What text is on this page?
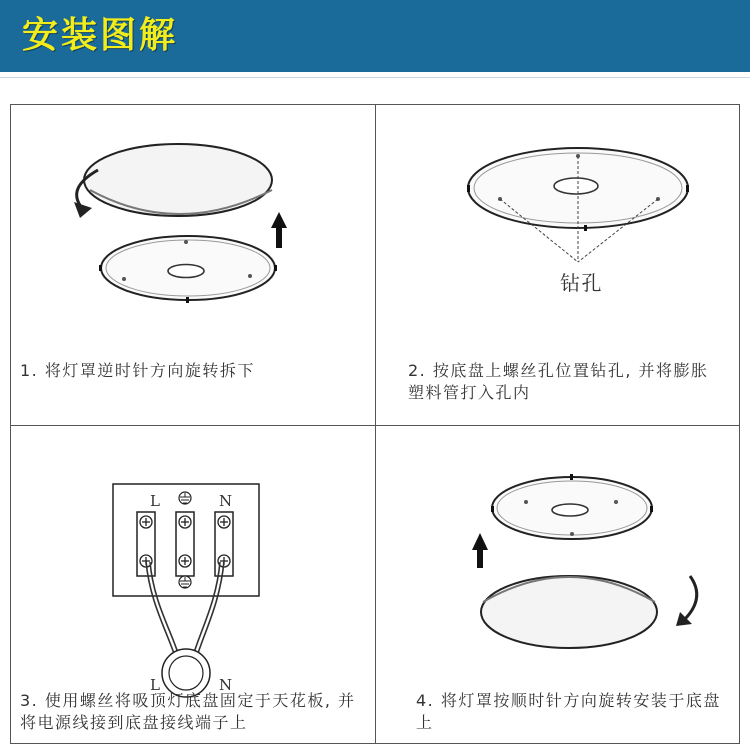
安装图解
1. 将灯罩逆时针方向旋转拆下
钻孔
2. 按底盘上螺丝孔位置钻孔, 并将膨胀塑料管打入孔内
L	N
L	N
3. 使用螺丝将吸顶灯底盘固定于天花板, 并将电源线接到底盘接线端子上
4. 将灯罩按顺时针方向旋转安装于底盘上
